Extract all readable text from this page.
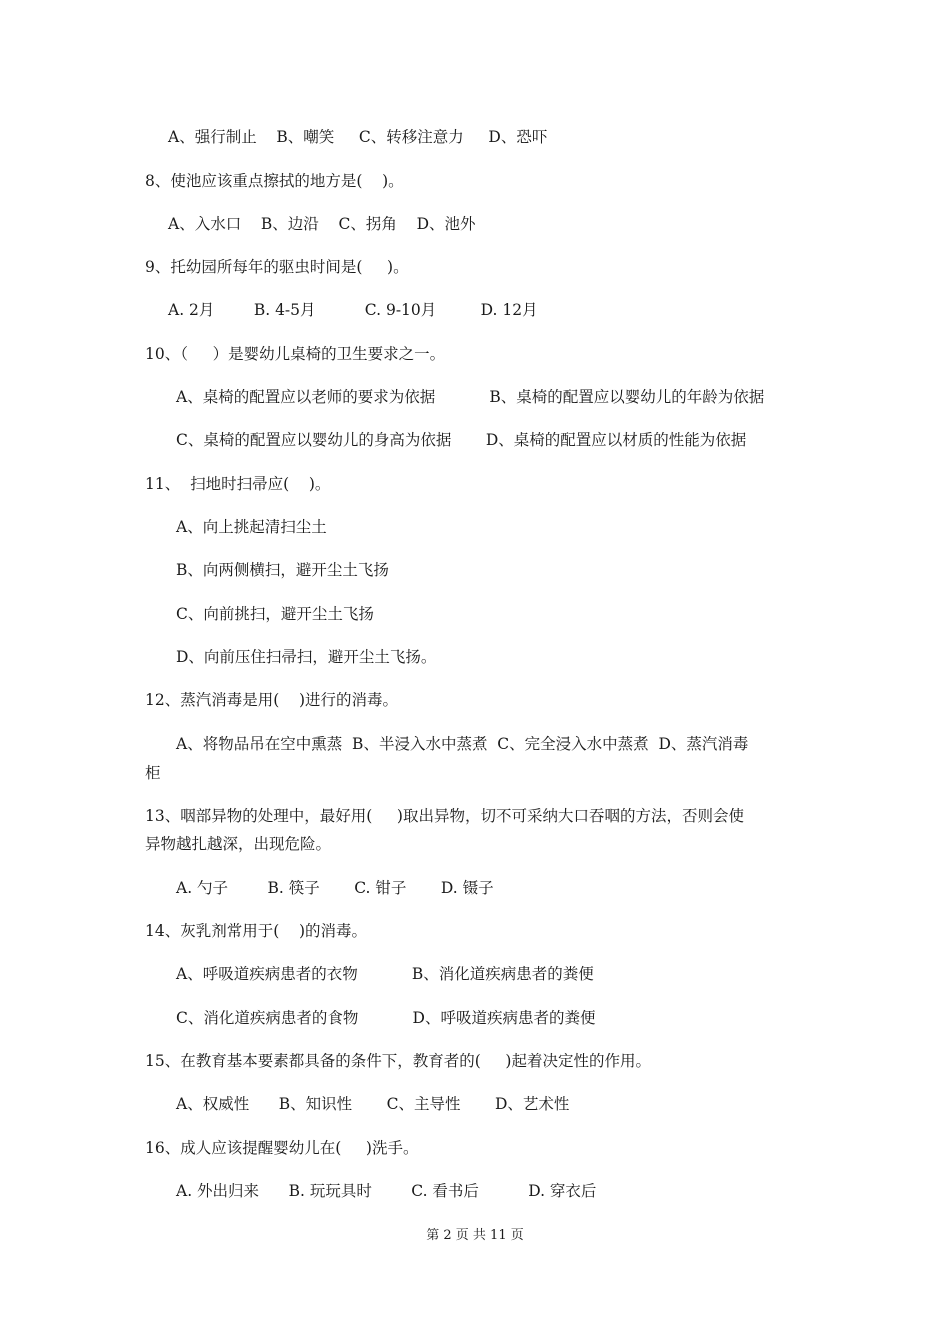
A、强行制止    B、嘲笑     C、转移注意力     D、恐吓
8、使池应该重点擦拭的地方是(    )。
A、入水口    B、边沿    C、拐角    D、池外
9、托幼园所每年的驱虫时间是(     )。
A. 2月        B. 4-5月          C. 9-10月         D. 12月
10、（     ）是婴幼儿桌椅的卫生要求之一。
A、桌椅的配置应以老师的要求为依据           B、桌椅的配置应以婴幼儿的年龄为依据
C、桌椅的配置应以婴幼儿的身高为依据       D、桌椅的配置应以材质的性能为依据
11、  扫地时扫帚应(    )。
A、向上挑起清扫尘土
B、向两侧横扫，避开尘土飞扬
C、向前挑扫，避开尘土飞扬
D、向前压住扫帚扫，避开尘土飞扬。
12、蒸汽消毒是用(    )进行的消毒。
A、将物品吊在空中熏蒸  B、半浸入水中蒸煮  C、完全浸入水中蒸煮  D、蒸汽消毒
柜
13、咽部异物的处理中，最好用(     )取出异物，切不可采纳大口吞咽的方法，否则会使
异物越扎越深，出现危险。
A. 勺子        B. 筷子       C. 钳子       D. 镊子
14、灰乳剂常用于(    )的消毒。
A、呼吸道疾病患者的衣物           B、消化道疾病患者的粪便
C、消化道疾病患者的食物           D、呼吸道疾病患者的粪便
15、在教育基本要素都具备的条件下，教育者的(     )起着决定性的作用。
A、权威性      B、知识性       C、主导性       D、艺术性
16、成人应该提醒婴幼儿在(     )洗手。
A. 外出归来      B. 玩玩具时        C. 看书后          D. 穿衣后
第 2 页 共 11 页
